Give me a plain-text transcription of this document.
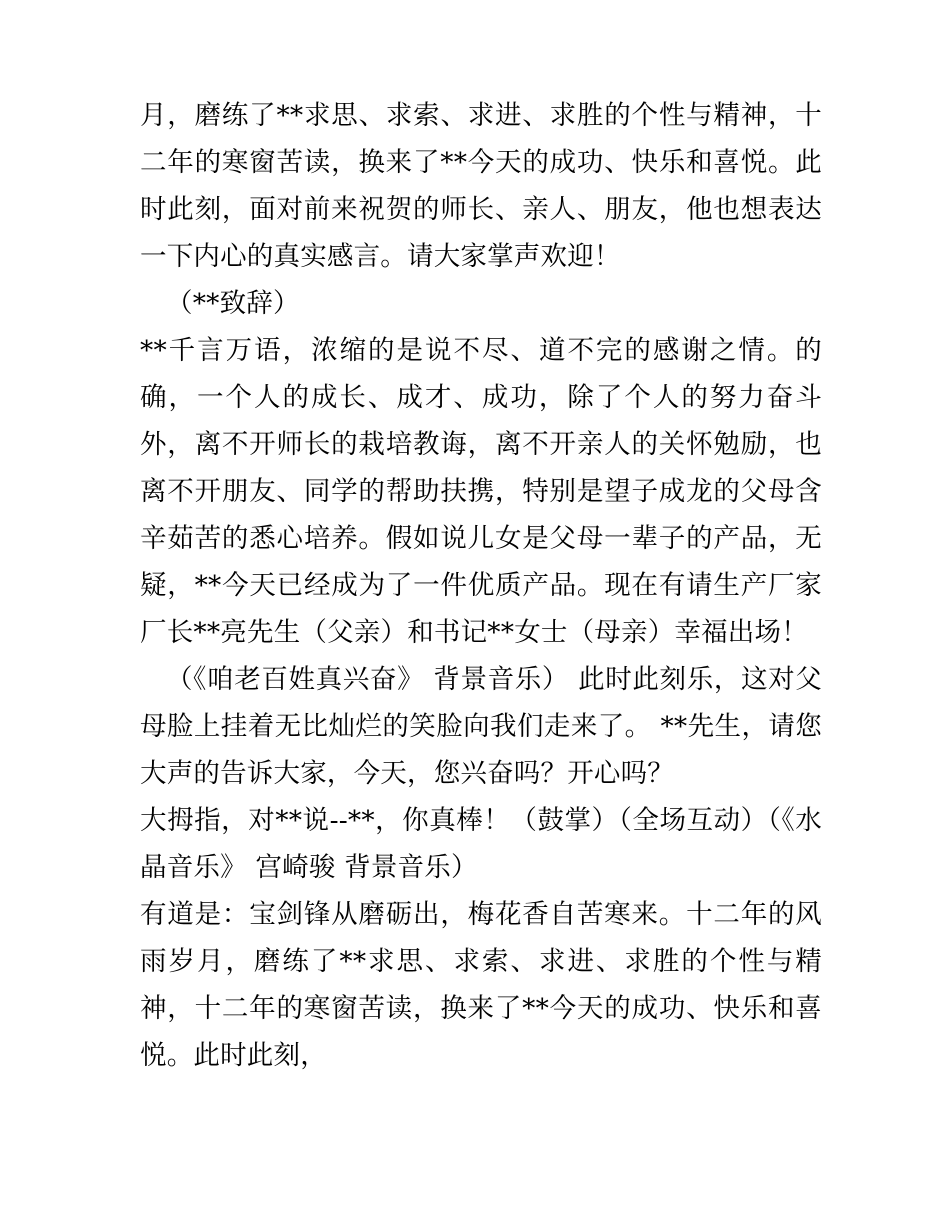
月，磨练了**求思、求索、求进、求胜的个性与精神，十二年的寒窗苦读，换来了**今天的成功、快乐和喜悦。此时此刻，面对前来祝贺的师长、亲人、朋友，他也想表达一下内心的真实感言。请大家掌声欢迎！

（**致辞）

**千言万语，浓缩的是说不尽、道不完的感谢之情。的确，一个人的成长、成才、成功，除了个人的努力奋斗外，离不开师长的栽培教诲，离不开亲人的关怀勉励，也离不开朋友、同学的帮助扶携，特别是望子成龙的父母含辛茹苦的悉心培养。假如说儿女是父母一辈子的产品，无疑，**今天已经成为了一件优质产品。现在有请生产厂家厂长**亮先生（父亲）和书记**女士（母亲）幸福出场！

（《咱老百姓真兴奋》 背景音乐） 此时此刻乐，这对父母脸上挂着无比灿烂的笑脸向我们走来了。 **先生，请您大声的告诉大家，今天，您兴奋吗？开心吗？

大拇指，对**说--**，你真棒！（鼓掌）（全场互动）（《水晶音乐》 宫崎骏 背景音乐）

有道是：宝剑锋从磨砺出，梅花香自苦寒来。十二年的风雨岁月，磨练了**求思、求索、求进、求胜的个性与精神，十二年的寒窗苦读，换来了**今天的成功、快乐和喜悦。此时此刻，
